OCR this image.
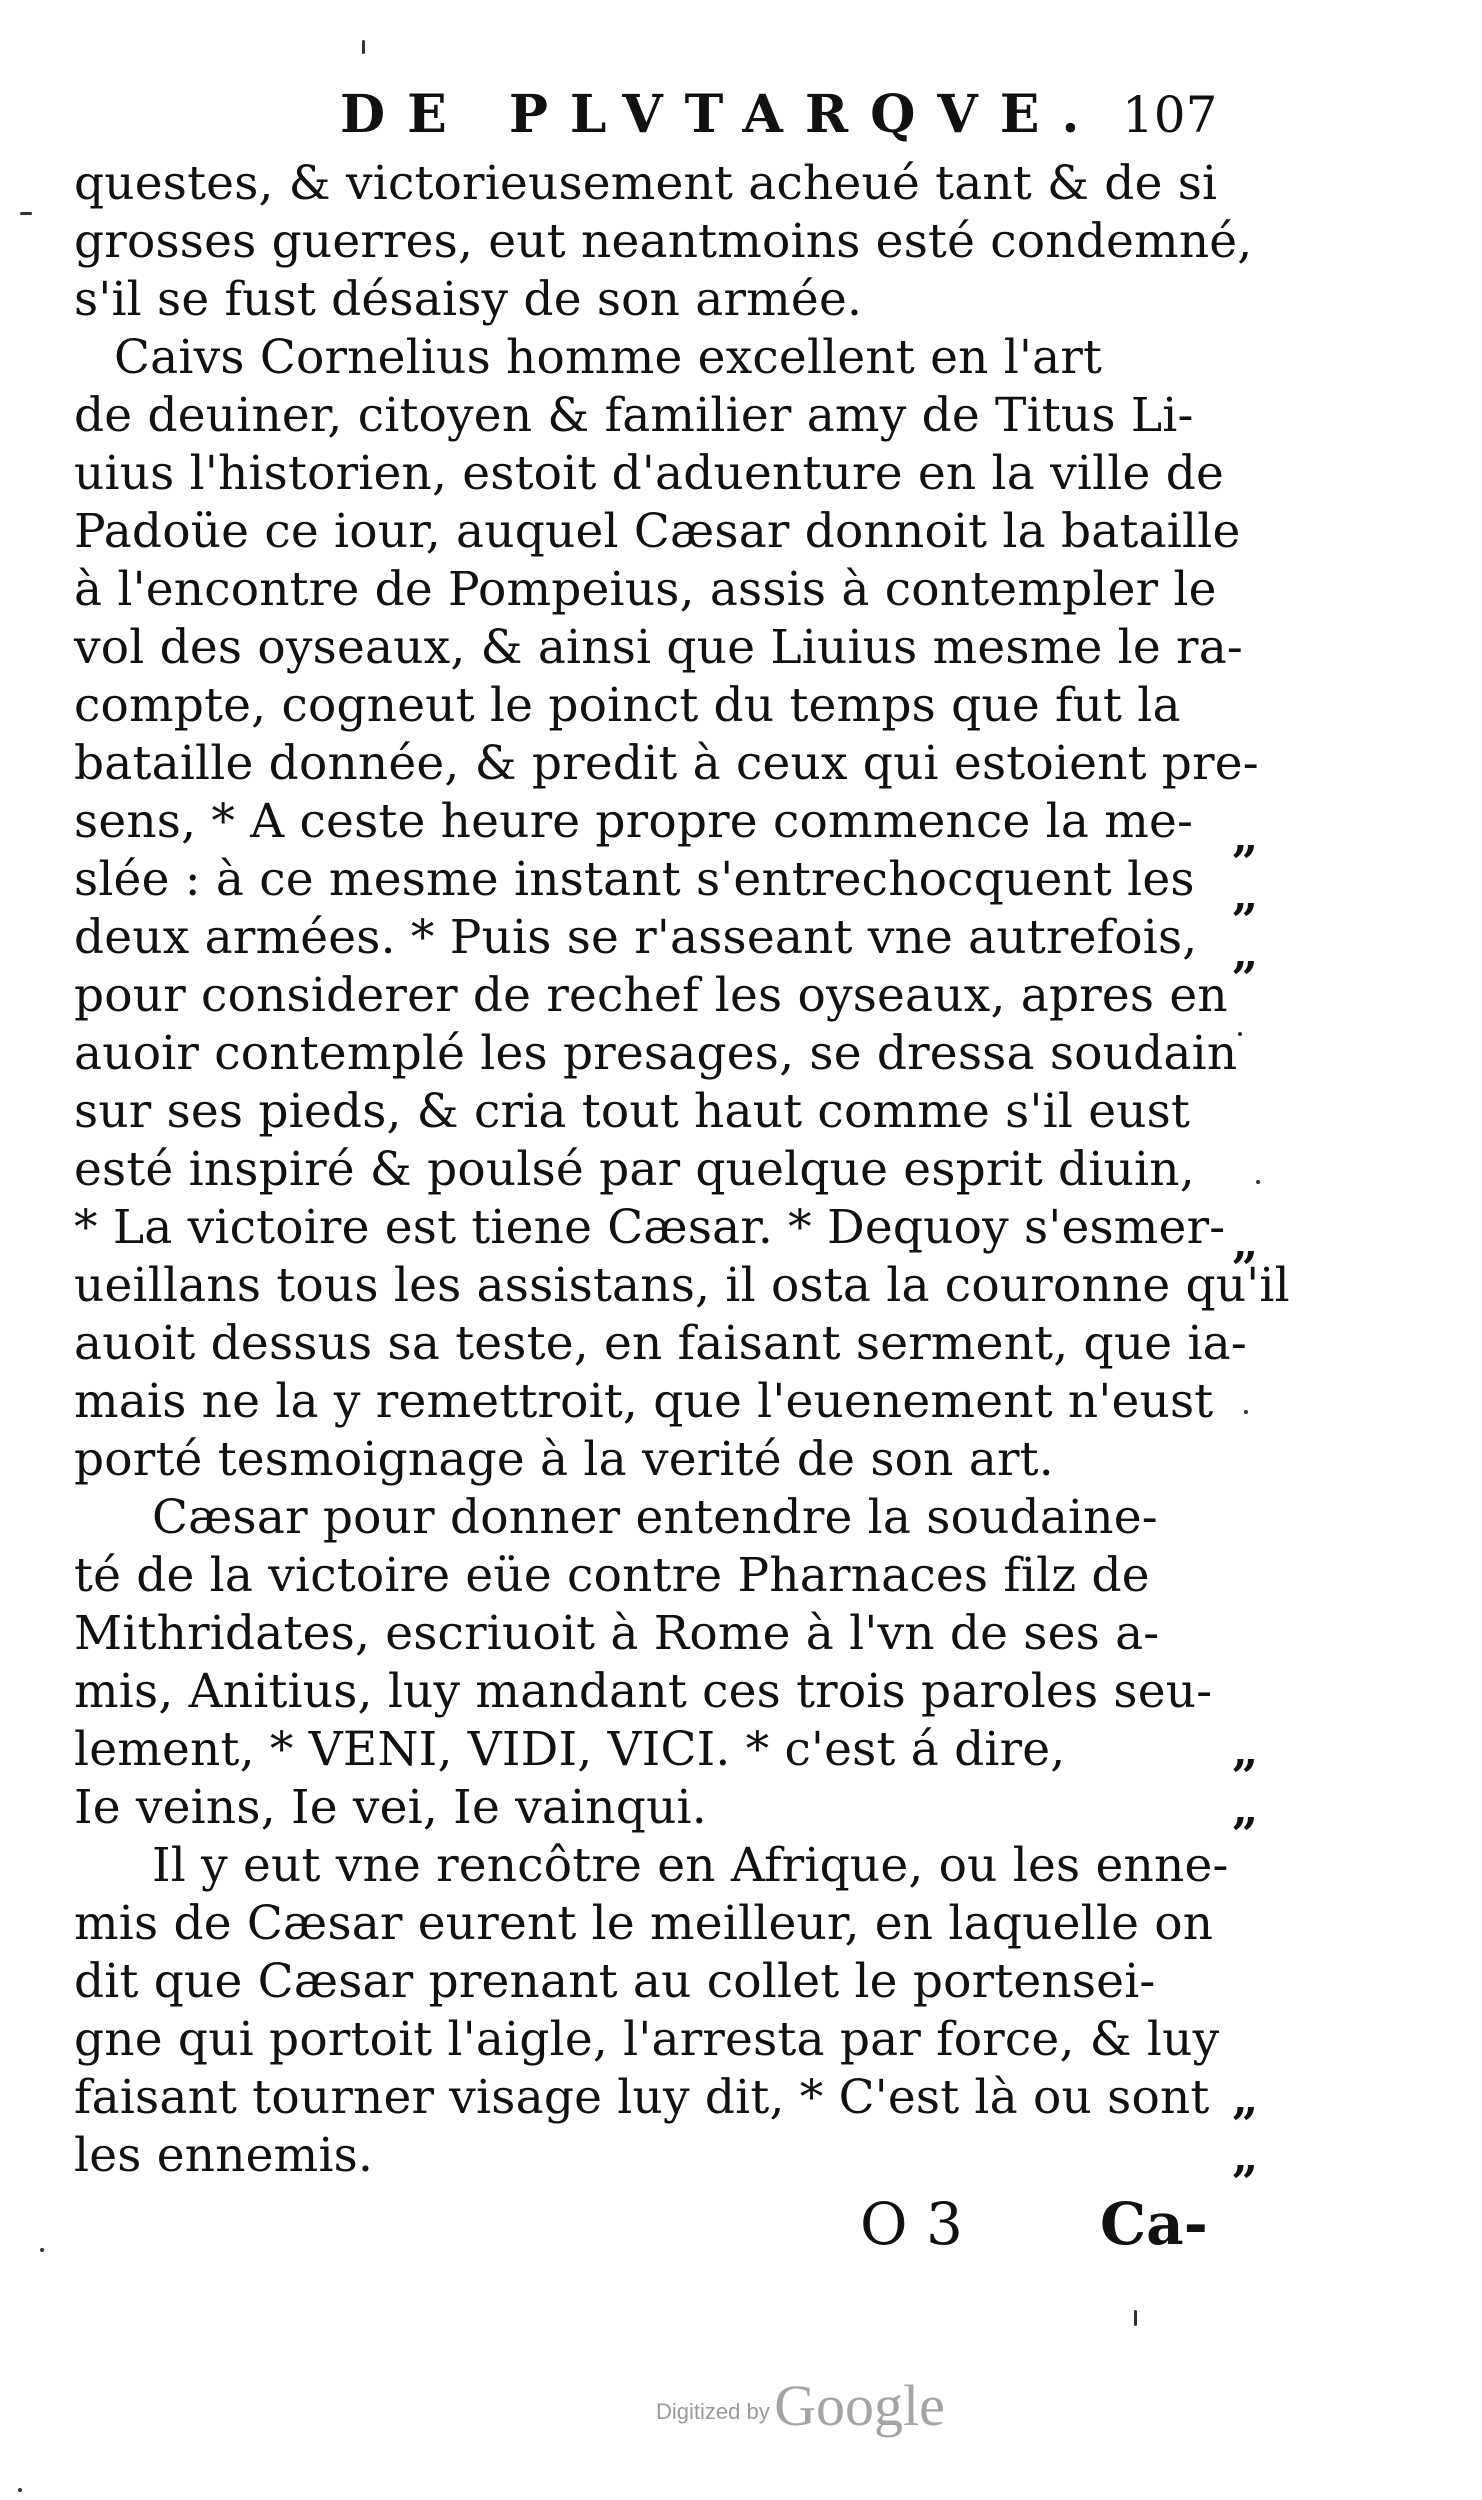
DE PLVTARQVE. 107
questes, & victorieusement acheué tant & de si
grosses guerres, eut neantmoins esté condemné,
s'il se fust désaisy de son armée.
Caivs Cornelius homme excellent en l'art
de deuiner, citoyen & familier amy de Titus Li-
uius l'historien, estoit d'aduenture en la ville de
Padoüe ce iour, auquel Cæsar donnoit la bataille
à l'encontre de Pompeius, assis à contempler le
vol des oyseaux, & ainsi que Liuius mesme le ra-
compte, cogneut le poinct du temps que fut la
bataille donnée, & predit à ceux qui estoient pre-
sens, * A ceste heure propre commence la me-
slée : à ce mesme instant s'entrechocquent les
deux armées. * Puis se r'asseant vne autrefois,
pour considerer de rechef les oyseaux, apres en
auoir contemplé les presages, se dressa soudain
sur ses pieds, & cria tout haut comme s'il eust
esté inspiré & poulsé par quelque esprit diuin,
* La victoire est tiene Cæsar. * Dequoy s'esmer-
ueillans tous les assistans, il osta la couronne qu'il
auoit dessus sa teste, en faisant serment, que ia-
mais ne la y remettroit, que l'euenement n'eust
porté tesmoignage à la verité de son art.
Cæsar pour donner entendre la soudaine-
té de la victoire eüe contre Pharnaces filz de
Mithridates, escriuoit à Rome à l'vn de ses a-
mis, Anitius, luy mandant ces trois paroles seu-
lement, * VENI, VIDI, VICI. * c'est á dire,
Ie veins, Ie vei, Ie vainqui.
Il y eut vne rencôtre en Afrique, ou les enne-
mis de Cæsar eurent le meilleur, en laquelle on
dit que Cæsar prenant au collet le portensei-
gne qui portoit l'aigle, l'arresta par force, & luy
faisant tourner visage luy dit, * C'est là ou sont
les ennemis.
„
„
„
„
„
„
„
„
O 3 Ca-
Digitized by Google
